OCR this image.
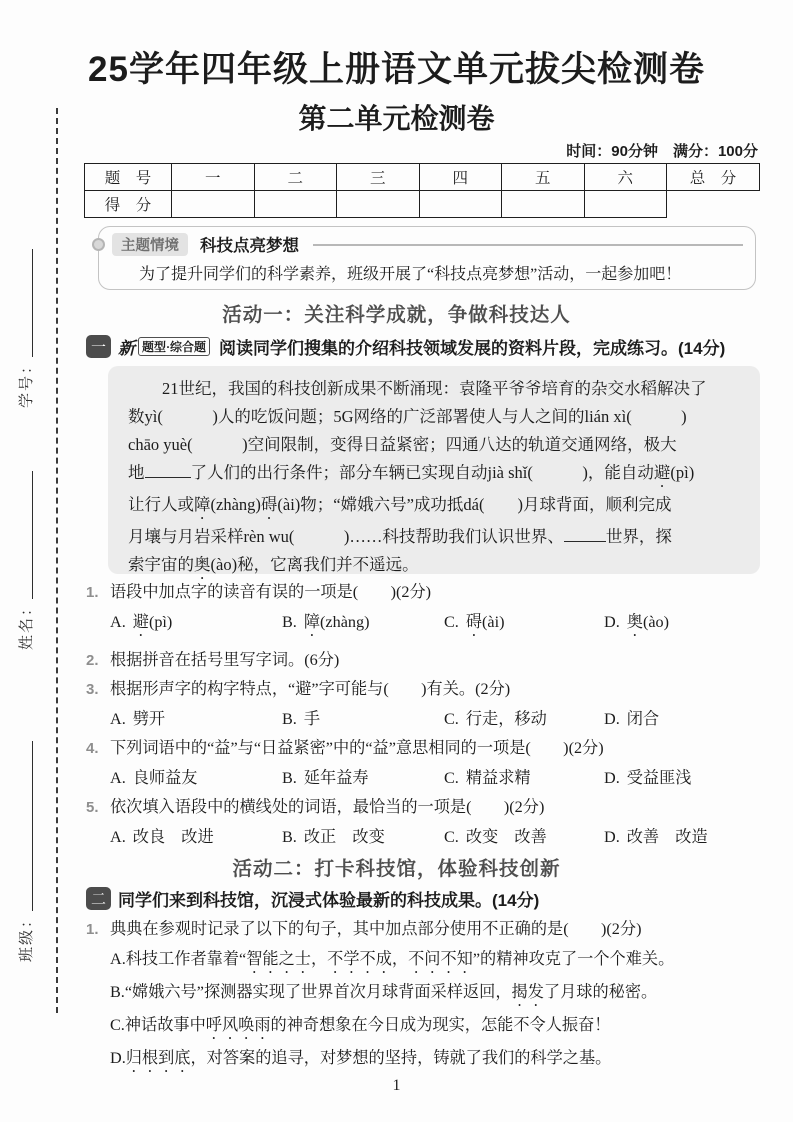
学号：
姓名：
班级：
25学年四年级上册语文单元拔尖检测卷
第二单元检测卷
时间：90分钟　满分：100分
题　号	一	二	三	四	五	六	总　分
得　分							
主题情境	科技点亮梦想
为了提升同学们的科学素养，班级开展了“科技点亮梦想”活动，一起参加吧！
活动一：关注科学成就，争做科技达人
一 新 题型·综合题 阅读同学们搜集的介绍科技领域发展的资料片段，完成练习。(14分)
21世纪，我国的科技创新成果不断涌现：袁隆平爷爷培育的杂交水稻解决了
数yì(　　　)人的吃饭问题；5G网络的广泛部署使人与人之间的lián xì(　　　)
chāo yuè(　　　)空间限制，变得日益紧密；四通八达的轨道交通网络，极大
地	了人们的出行条件；部分车辆已实现自动jià shǐ(　　　)，能自动避(pì)
让行人或障(zhàng)碍(ài)物；“嫦娥六号”成功抵dá(　　)月球背面，顺利完成
月壤与月岩采样rèn wu(　　　)……科技帮助我们认识世界、	世界，探
索宇宙的奥(ào)秘，它离我们并不遥远。
1. 语段中加点字的读音有误的一项是(　　)(2分)
A. 避(pì)	B. 障(zhàng)	C. 碍(ài)	D. 奥(ào)
2. 根据拼音在括号里写字词。(6分)
3. 根据形声字的构字特点，“避”字可能与(　　)有关。(2分)
A. 劈开	B. 手	C. 行走，移动	D. 闭合
4. 下列词语中的“益”与“日益紧密”中的“益”意思相同的一项是(　　)(2分)
A. 良师益友	B. 延年益寿	C. 精益求精	D. 受益匪浅
5. 依次填入语段中的横线处的词语，最恰当的一项是(　　)(2分)
A. 改良　改进	B. 改正　改变	C. 改变　改善	D. 改善　改造
活动二：打卡科技馆，体验科技创新
二 同学们来到科技馆，沉浸式体验最新的科技成果。(14分)
1. 典典在参观时记录了以下的句子，其中加点部分使用不正确的是(　　)(2分)
A.科技工作者靠着“智能之士，不学不成，不问不知”的精神攻克了一个个难关。
B.“嫦娥六号”探测器实现了世界首次月球背面采样返回，揭发了月球的秘密。
C.神话故事中呼风唤雨的神奇想象在今日成为现实，怎能不令人振奋！
D.归根到底，对答案的追寻，对梦想的坚持，铸就了我们的科学之基。
1
